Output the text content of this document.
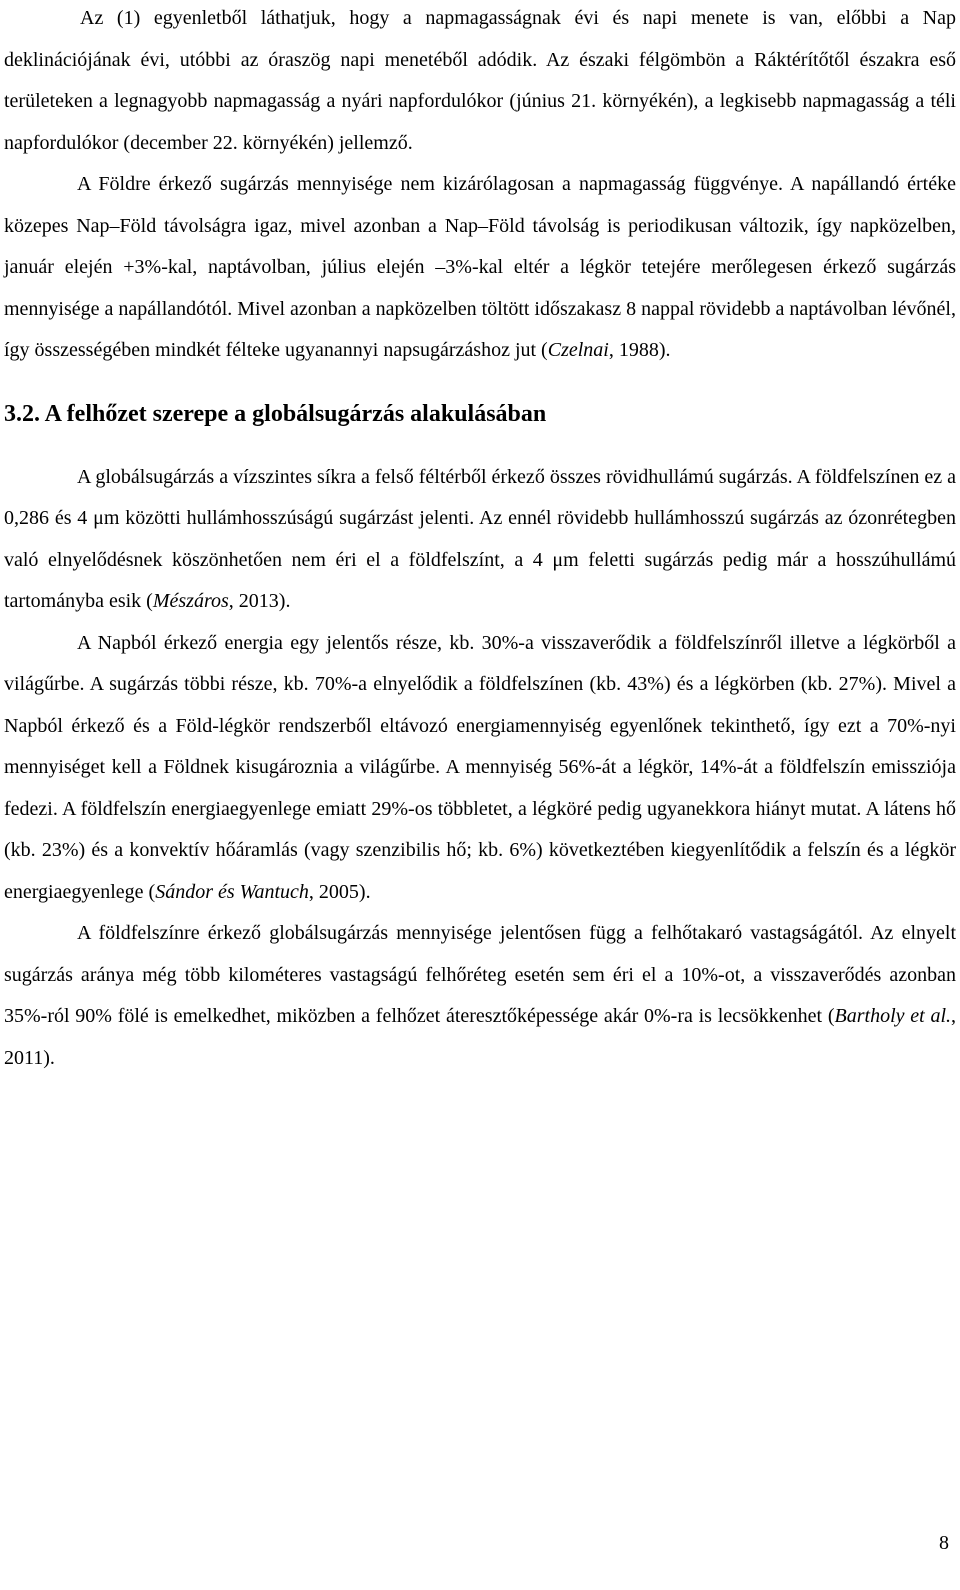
Az (1) egyenletből láthatjuk, hogy a napmagasságnak évi és napi menete is van, előbbi a Nap deklinációjának évi, utóbbi az óraszög napi menetéből adódik. Az északi félgömbön a Ráktérítőtől északra eső területeken a legnagyobb napmagasság a nyári napfordulókor (június 21. környékén), a legkisebb napmagasság a téli napfordulókor (december 22. környékén) jellemző.

A Földre érkező sugárzás mennyisége nem kizárólagosan a napmagasság függvénye. A napállandó értéke közepes Nap–Föld távolságra igaz, mivel azonban a Nap–Föld távolság is periodikusan változik, így napközelben, január elején +3%-kal, naptávolban, július elején –3%-kal eltér a légkör tetejére merőlegesen érkező sugárzás mennyisége a napállandótól. Mivel azonban a napközelben töltött időszakasz 8 nappal rövidebb a naptávolban lévőnél, így összességében mindkét félteke ugyanannyi napsugárzáshoz jut (Czelnai, 1988).

3.2. A felhőzet szerepe a globálsugárzás alakulásában

A globálsugárzás a vízszintes síkra a felső féltérből érkező összes rövidhullámú sugárzás. A földfelszínen ez a 0,286 és 4 μm közötti hullámhosszúságú sugárzást jelenti. Az ennél rövidebb hullámhosszú sugárzás az ózonrétegben való elnyelődésnek köszönhetően nem éri el a földfelszínt, a 4 μm feletti sugárzás pedig már a hosszúhullámú tartományba esik (Mészáros, 2013).

A Napból érkező energia egy jelentős része, kb. 30%-a visszaverődik a földfelszínről illetve a légkörből a világűrbe. A sugárzás többi része, kb. 70%-a elnyelődik a földfelszínen (kb. 43%) és a légkörben (kb. 27%). Mivel a Napból érkező és a Föld-légkör rendszerből eltávozó energiamennyiség egyenlőnek tekinthető, így ezt a 70%-nyi mennyiséget kell a Földnek kisugároznia a világűrbe. A mennyiség 56%-át a légkör, 14%-át a földfelszín emissziója fedezi. A földfelszín energiaegyenlege emiatt 29%-os többletet, a légköré pedig ugyanekkora hiányt mutat. A látens hő (kb. 23%) és a konvektív hőáramlás (vagy szenzibilis hő; kb. 6%) következtében kiegyenlítődik a felszín és a légkör energiaegyenlege (Sándor és Wantuch, 2005).

A földfelszínre érkező globálsugárzás mennyisége jelentősen függ a felhőtakaró vastagságától. Az elnyelt sugárzás aránya még több kilométeres vastagságú felhőréteg esetén sem éri el a 10%-ot, a visszaverődés azonban 35%-ról 90% fölé is emelkedhet, miközben a felhőzet áteresztőképessége akár 0%-ra is lecsökkenhet (Bartholy et al., 2011).

8
